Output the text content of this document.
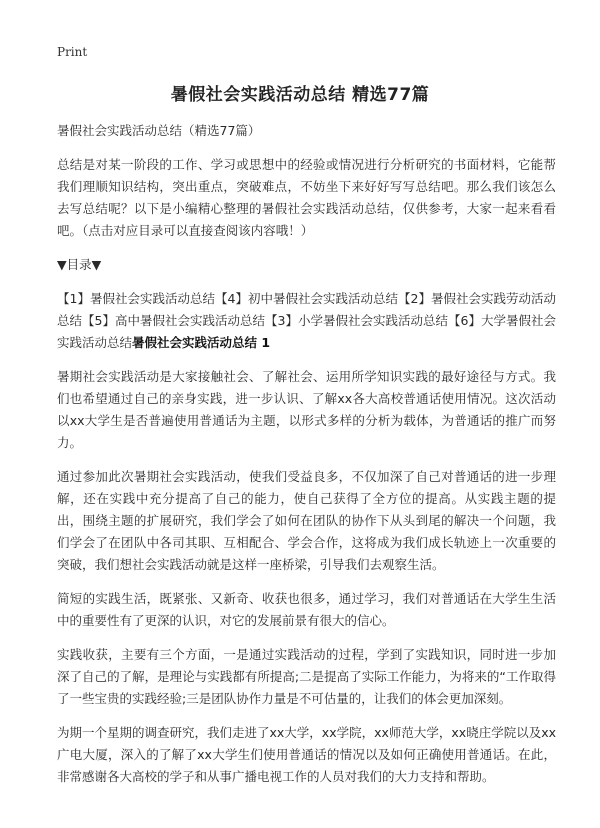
Print
暑假社会实践活动总结 精选77篇

暑假社会实践活动总结（精选77篇）

总结是对某一阶段的工作、学习或思想中的经验或情况进行分析研究的书面材料，它能帮我们理顺知识结构，突出重点，突破难点，不妨坐下来好好写写总结吧。那么我们该怎么去写总结呢？以下是小编精心整理的暑假社会实践活动总结，仅供参考，大家一起来看看吧。（点击对应目录可以直接查阅该内容哦！）

▼目录▼

【1】暑假社会实践活动总结【4】初中暑假社会实践活动总结【2】暑假社会实践劳动活动总结【5】高中暑假社会实践活动总结【3】小学暑假社会实践活动总结【6】大学暑假社会实践活动总结暑假社会实践活动总结 1

暑期社会实践活动是大家接触社会、了解社会、运用所学知识实践的最好途径与方式。我们也希望通过自己的亲身实践，进一步认识、了解xx各大高校普通话使用情况。这次活动以xx大学生是否普遍使用普通话为主题，以形式多样的分析为载体，为普通话的推广而努力。

通过参加此次暑期社会实践活动，使我们受益良多，不仅加深了自己对普通话的进一步理解，还在实践中充分提高了自己的能力，使自己获得了全方位的提高。从实践主题的提出，围绕主题的扩展研究，我们学会了如何在团队的协作下从头到尾的解决一个问题，我们学会了在团队中各司其职、互相配合、学会合作，这将成为我们成长轨迹上一次重要的突破，我们想社会实践活动就是这样一座桥梁，引导我们去观察生活。

简短的实践生活，既紧张、又新奇、收获也很多，通过学习，我们对普通话在大学生生活中的重要性有了更深的认识，对它的发展前景有很大的信心。

实践收获，主要有三个方面，一是通过实践活动的过程，学到了实践知识，同时进一步加深了自己的了解，是理论与实践都有所提高;二是提高了实际工作能力，为将来的“工作取得了一些宝贵的实践经验;三是团队协作力量是不可估量的，让我们的体会更加深刻。

为期一个星期的调查研究，我们走进了xx大学，xx学院，xx师范大学，xx晓庄学院以及xx广电大厦，深入的了解了xx大学生们使用普通话的情况以及如何正确使用普通话。在此，非常感谢各大高校的学子和从事广播电视工作的人员对我们的大力支持和帮助。
